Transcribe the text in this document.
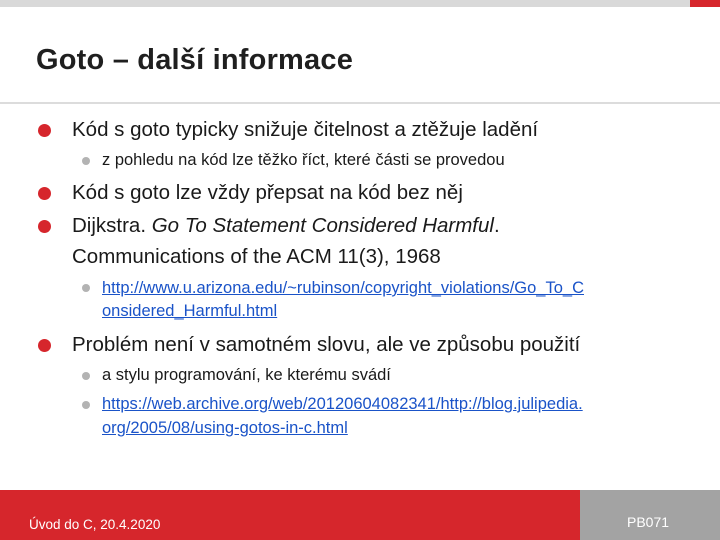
Goto – další informace
Kód s goto typicky snižuje čitelnost a ztěžuje ladění
z pohledu na kód lze těžko říct, které části se provedou
Kód s goto lze vždy přepsat na kód bez něj
Dijkstra. Go To Statement Considered Harmful.
Communications of the ACM 11(3), 1968
http://www.u.arizona.edu/~rubinson/copyright_violations/Go_To_C
onsidered_Harmful.html
Problém není v samotném slovu, ale ve způsobu použití
a stylu programování, ke kterému svádí
https://web.archive.org/web/20120604082341/http://blog.julipedia.
org/2005/08/using-gotos-in-c.html
Úvod do C, 20.4.2020	PB071
